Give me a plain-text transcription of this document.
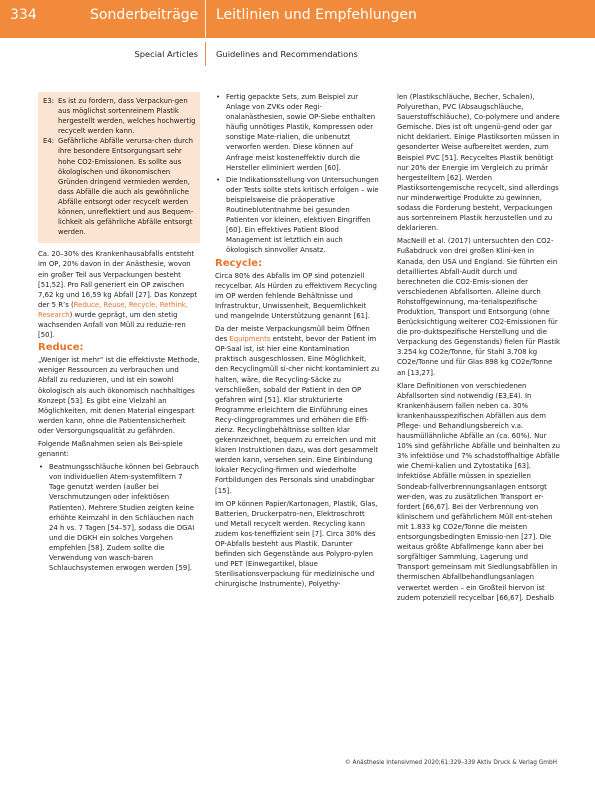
334	Sonderbeiträge Leitlinien und Empfehlungen
Special Articles Guidelines and Recommendations
E3: Es ist zu fordern, dass Verpackun-gen aus möglichst sortenreinem Plastik hergestellt werden, welches hochwertig recycelt werden kann.
E4: Gefährliche Abfälle verursa-chen durch ihre besondere Entsorgungsart sehr hohe CO2-Emissionen. Es sollte aus ökologischen und ökonomischen Gründen dringend vermieden werden, dass Abfälle die auch als gewöhnliche Abfälle entsorgt oder recycelt werden können, unreflektiert und aus Bequem-lichkeit als gefährliche Abfälle entsorgt werden.

Ca. 20–30% des Krankenhausabfalls entsteht im OP, 20% davon in der Anästhesie, wovon ein großer Teil aus Verpackungen besteht [51,52]. Pro Fall generiert ein OP zwischen 7,62 kg und 16,59 kg Abfall [27]. Das Konzept der 5 R’s (Reduce, Reuse, Recycle, Rethink, Research) wurde geprägt, um den stetig wachsenden Anfall von Müll zu reduzie-ren [50].

Reduce:

„Weniger ist mehr“ ist die effektivste Methode, weniger Ressourcen zu verbrauchen und Abfall zu reduzieren, und ist ein sowohl ökologisch als auch ökonomisch nachhaltiges Konzept [53]. Es gibt eine Vielzahl an Möglichkeiten, mit denen Material eingespart werden kann, ohne die Patientensicherheit oder Versorgungsqualität zu gefährden.

Folgende Maßnahmen seien als Bei-spiele genannt:

• Beatmungsschläuche können bei Gebrauch von individuellen Atem-systemfiltern 7 Tage genutzt werden (außer bei Verschmutzungen oder infektiösen Patienten). Mehrere Studien zeigten keine erhöhte Keimzahl in den Schläuchen nach 24 h vs. 7 Tagen [54–57], sodass die DGAI und die DGKH ein solches Vorgehen empfehlen [58]. Zudem sollte die Verwendung von wasch-baren Schlauchsystemen erwogen werden [59].
• Fertig gepackte Sets, zum Beispiel zur Anlage von ZVKs oder Regi-onalanästhesien, sowie OP-Siebe enthalten häufig unnötiges Plastik, Kompressen oder sonstige Mate-rialien, die unbenutzt verworfen werden. Diese können auf Anfrage meist kosteneffektiv durch die Hersteller eliminiert werden [60].
• Die Indikationsstellung von Untersuchungen oder Tests sollte stets kritisch erfolgen – wie beispielsweise die präoperative Routineblutentnahme bei gesunden Patienten vor kleinen, elektiven Eingriffen [60]. Ein effektives Patient Blood Management ist letztlich ein auch ökologisch sinnvoller Ansatz.
Recycle:

Circa 80% des Abfalls im OP sind potenziell recycelbar. Als Hürden zu effektivem Recycling im OP werden fehlende Behältnisse und Infrastruktur, Unwissenheit, Bequemlichkeit und mangelnde Unterstützung genannt [61].

Da der meiste Verpackungsmüll beim Öffnen des Equipments entsteht, bevor der Patient im OP-Saal ist, ist hier eine Kontamination praktisch ausgeschlossen. Eine Möglichkeit, den Recyclingmüll si-cher nicht kontaminiert zu halten, wäre, die Recycling-Säcke zu verschließen, sobald der Patient in den OP gefahren wird [51]. Klar strukturierte Programme erleichtern die Einführung eines Recy-clingprogrammes und erhöhen die Effi-zienz. Recyclingbehältnisse sollten klar gekennzeichnet, bequem zu erreichen und mit klaren Instruktionen dazu, was dort gesammelt werden kann, versehen sein. Eine Einbindung lokaler Recycling-firmen und wiederholte Fortbildungen des Personals sind unabdingbar [15].

Im OP können Papier/Kartonagen, Plastik, Glas, Batterien, Druckerpatro-nen, Elektroschrott und Metall recycelt werden. Recycling kann zudem kos-teneffizient sein [7]. Circa 30% des OP-Abfalls besteht aus Plastik. Darunter befinden sich Gegenstände aus Polypro-pylen und PET (Einwegartikel, blaue Sterilisationsverpackung für medizinische und chirurgische Instrumente), Polyethy-

len (Plastikschläuche, Becher, Schalen), Polyurethan, PVC (Absaugschläuche, Sauerstoffschläuche), Co-polymere und andere Gemische. Dies ist oft ungenü-gend oder gar nicht deklariert. Einige Plastiksorten müssen in gesonderter Weise aufbereitet werden, zum Beispiel PVC [51]. Recyceltes Plastik benötigt nur 20% der Energie im Vergleich zu primär hergestelltem [62]. Werden Plastiksortengemische recycelt, sind allerdings nur minderwertige Produkte zu gewinnen, sodass die Forderung besteht, Verpackungen aus sortenreinem Plastik herzustellen und zu deklarieren.

MacNeill et al. (2017) untersuchten den CO2-Fußabdruck von drei großen Klini-ken in Kanada, den USA und England. Sie führten ein detailliertes Abfall-Audit durch und berechneten die CO2-Emis-sionen der verschiedenen Abfallsorten. Alleine durch Rohstoffgewinnung, ma-terialspezifische Produktion, Transport und Entsorgung (ohne Berücksichtigung weiterer CO2-Emissionen für die pro-duktspezifische Herstellung und die Verpackung des Gegenstands) fielen für Plastik 3.254 kg CO2e/Tonne, für Stahl 3.708 kg CO2e/Tonne und für Glas 898 kg CO2e/Tonne an [13,27].

Klare Definitionen von verschiedenen Abfallsorten sind notwendig (E3,E4). In Krankenhäusern fallen neben ca. 30% krankenhausspezifischen Abfällen aus dem Pflege- und Behandlungsbereich v.a. hausmüllähnliche Abfälle an (ca. 60%). Nur 10% sind gefährliche Abfälle und beinhalten zu 3% infektiöse und 7% schadstoffhaltige Abfälle wie Chemi-kalien und Zytostatika [63]. Infektiöse Abfälle müssen in speziellen Sondeab-fallverbrennungsanlagen entsorgt wer-den, was zu zusätzlichen Transport er-fordert [66,67]. Bei der Verbrennung von klinischem und gefährlichem Müll ent-stehen mit 1.833 kg CO2e/Tonne die meisten entsorgungsbedingten Emissio-nen [27]. Die weitaus größte Abfallmenge kann aber bei sorgfältiger Sammlung, Lagerung und Transport gemeinsam mit Siedlungsabfällen in thermischen Abfallbehandlungsanlagen verwertet werden – ein Großteil hiervon ist zudem potenziell recycelbar [66,67]. Deshalb

© Anästhesie Intensivmed 2020;61:329–339 Aktiv Druck & Verlag GmbH
